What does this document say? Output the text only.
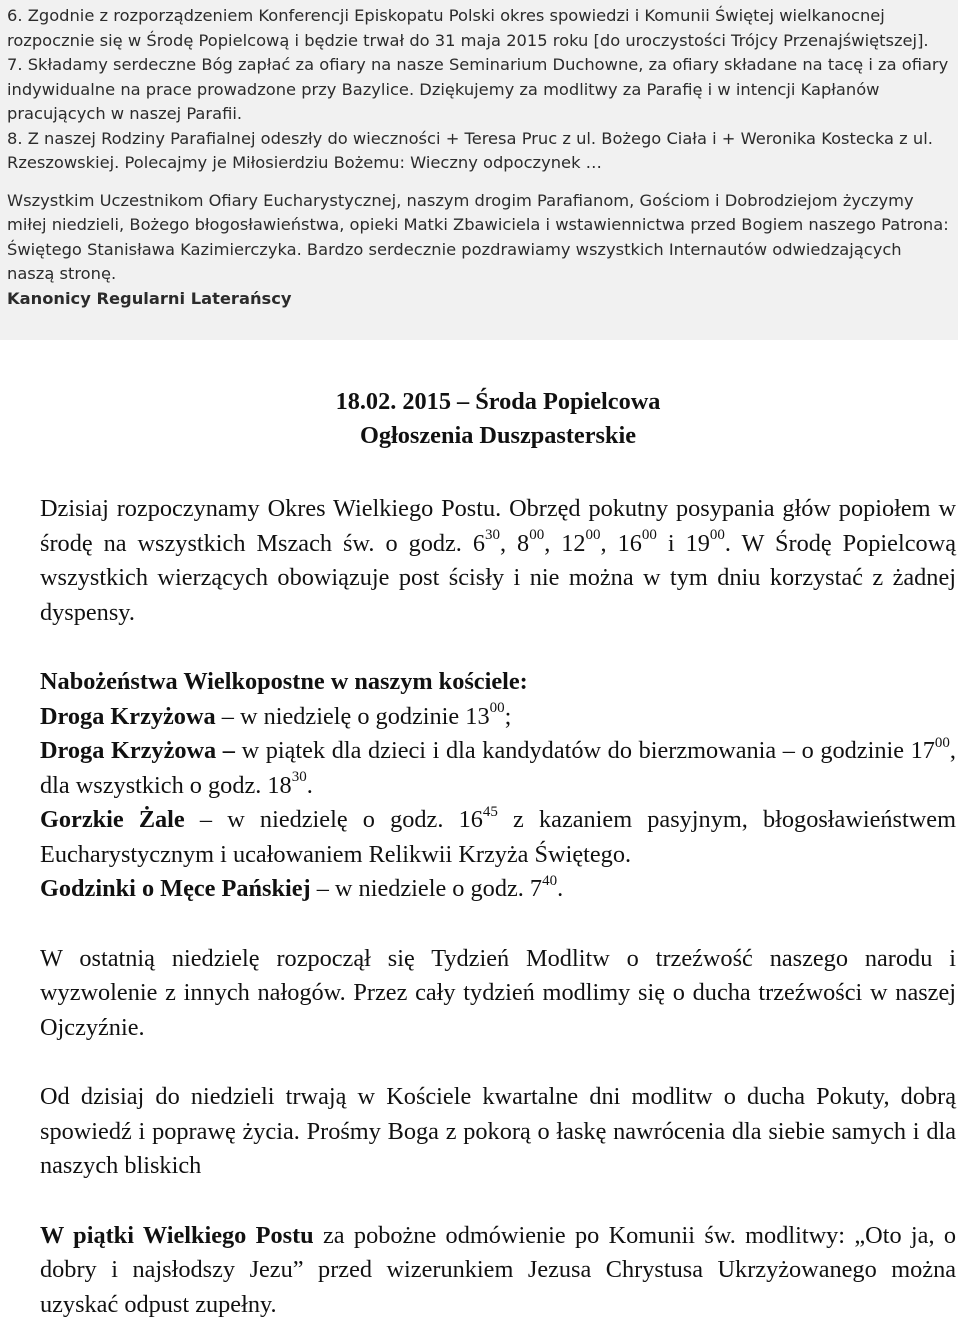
6. Zgodnie z rozporządzeniem Konferencji Episkopatu Polski okres spowiedzi i Komunii Świętej wielkanocnej rozpocznie się w Środę Popielcową i będzie trwał do 31 maja 2015 roku [do uroczystości Trójcy Przenajświętszej].

7. Składamy serdeczne Bóg zapłać za ofiary na nasze Seminarium Duchowne, za ofiary składane na tacę i za ofiary indywidualne na prace prowadzone przy Bazylice. Dziękujemy za modlitwy za Parafię i w intencji Kapłanów pracujących w naszej Parafii.

8. Z naszej Rodziny Parafialnej odeszły do wieczności + Teresa Pruc z ul. Bożego Ciała i + Weronika Kostecka z ul. Rzeszowskiej. Polecajmy je Miłosierdziu Bożemu: Wieczny odpoczynek …

Wszystkim Uczestnikom Ofiary Eucharystycznej, naszym drogim Parafianom, Gościom i Dobrodziejom życzymy miłej niedzieli, Bożego błogosławieństwa, opieki Matki Zbawiciela i wstawiennictwa przed Bogiem naszego Patrona: Świętego Stanisława Kazimierczyka. Bardzo serdecznie pozdrawiamy wszystkich Internautów odwiedzających naszą stronę.

Kanonicy Regularni Laterańscy

18.02. 2015 – Środa Popielcowa

Ogłoszenia Duszpasterskie

Dzisiaj rozpoczynamy Okres Wielkiego Postu. Obrzęd pokutny posypania głów popiołem w środę na wszystkich Mszach św. o godz. $6^{30}$, $8^{00}$, $12^{00}$, $16^{00}$ i $19^{00}$. W Środę Popielcową wszystkich wierzących obowiązuje post ścisły i nie można w tym dniu korzystać z żadnej dyspensy.

Nabożeństwa Wielkopostne w naszym kościele:

Droga Krzyżowa – w niedzielę o godzinie $13^{00}$;

Droga Krzyżowa – w piątek dla dzieci i dla kandydatów do bierzmowania – o godzinie $17^{00}$, dla wszystkich o godz. $18^{30}$.

Gorzkie Żale – w niedzielę o godz. $16^{45}$ z kazaniem pasyjnym, błogosławieństwem Eucharystycznym i ucałowaniem Relikwii Krzyża Świętego.

Godzinki o Męce Pańskiej – w niedziele o godz. $7^{40}$.

W ostatnią niedzielę rozpoczął się Tydzień Modlitw o trzeźwość naszego narodu i wyzwolenie z innych nałogów. Przez cały tydzień modlimy się o ducha trzeźwości w naszej Ojczyźnie.

Od dzisiaj do niedzieli trwają w Kościele kwartalne dni modlitw o ducha Pokuty, dobrą spowiedź i poprawę życia. Prośmy Boga z pokorą o łaskę nawrócenia dla siebie samych i dla naszych bliskich

W piątki Wielkiego Postu za pobożne odmówienie po Komunii św. modlitwy: „Oto ja, o dobry i najsłodszy Jezu” przed wizerunkiem Jezusa Chrystusa Ukrzyżowanego można uzyskać odpust zupełny.
